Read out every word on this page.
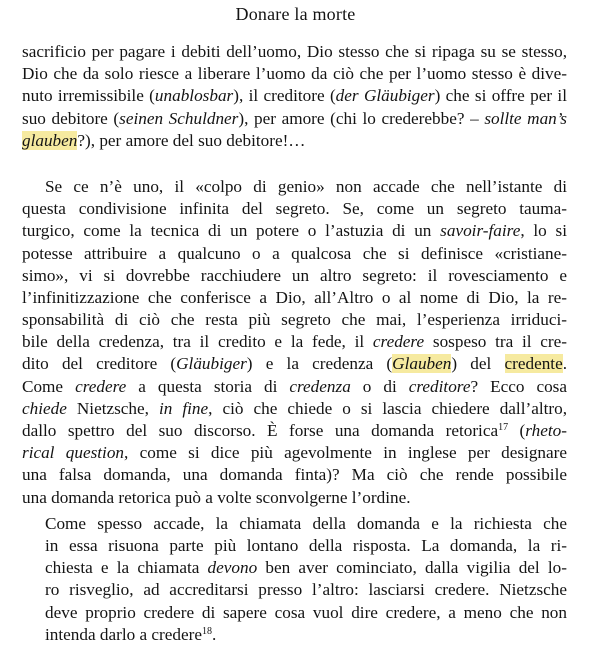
Donare la morte
sacrificio per pagare i debiti dell’uomo, Dio stesso che si ripaga su se stesso,
Dio che da solo riesce a liberare l’uomo da ciò che per l’uomo stesso è dive-
nuto irremissibile (unablosbar), il creditore (der Gläubiger) che si offre per il
suo debitore (seinen Schuldner), per amore (chi lo crederebbe? – sollte man’s
glauben?), per amore del suo debitore!…
Se ce n’è uno, il «colpo di genio» non accade che nell’istante di
questa condivisione infinita del segreto. Se, come un segreto tauma-
turgico, come la tecnica di un potere o l’astuzia di un savoir-faire, lo si
potesse attribuire a qualcuno o a qualcosa che si definisce «cristiane-
simo», vi si dovrebbe racchiudere un altro segreto: il rovesciamento e
l’infinitizzazione che conferisce a Dio, all’Altro o al nome di Dio, la re-
sponsabilità di ciò che resta più segreto che mai, l’esperienza irriduci-
bile della credenza, tra il credito e la fede, il credere sospeso tra il cre-
dito del creditore (Gläubiger) e la credenza (Glauben) del credente.
Come credere a questa storia di credenza o di creditore? Ecco cosa
chiede Nietzsche, in fine, ciò che chiede o si lascia chiedere dall’altro,
dallo spettro del suo discorso. È forse una domanda retorica$^{17}$ (rheto-
rical question, come si dice più agevolmente in inglese per designare
una falsa domanda, una domanda finta)? Ma ciò che rende possibile
una domanda retorica può a volte sconvolgerne l’ordine.
Come spesso accade, la chiamata della domanda e la richiesta che
in essa risuona parte più lontano della risposta. La domanda, la ri-
chiesta e la chiamata devono ben aver cominciato, dalla vigilia del lo-
ro risveglio, ad accreditarsi presso l’altro: lasciarsi credere. Nietzsche
deve proprio credere di sapere cosa vuol dire credere, a meno che non
intenda darlo a credere$^{18}$.
